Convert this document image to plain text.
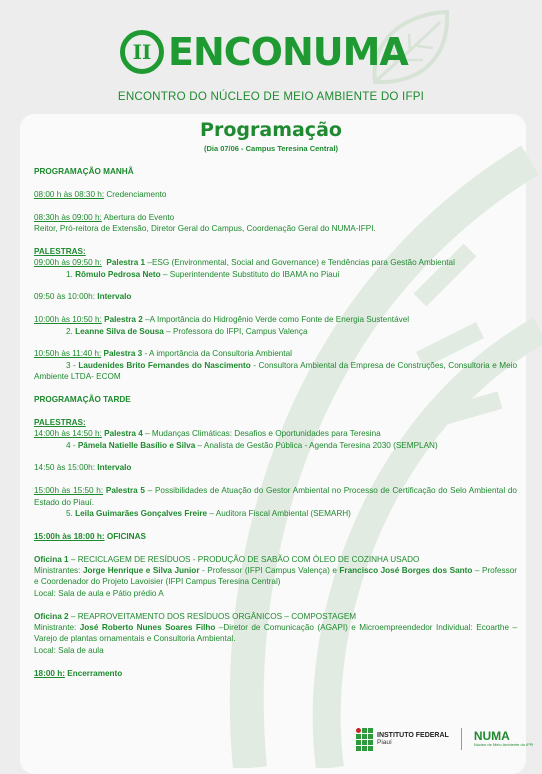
II ENCONUMA
ENCONTRO DO NÚCLEO DE MEIO AMBIENTE DO IFPI
Programação
(Dia 07/06 - Campus Teresina Central)

PROGRAMAÇÃO MANHÃ

08:00 h às 08:30 h: Credenciamento

08:30h às 09:00 h: Abertura do Evento

Reitor, Pró-reitora de Extensão, Diretor Geral do Campus, Coordenação Geral do NUMA-IFPI.

PALESTRAS:

09:00h às 09:50 h: Palestra 1 –ESG (Environmental, Social and Governance) e Tendências para Gestão Ambiental

1. Rômulo Pedrosa Neto – Superintendente Substituto do IBAMA no Piauí

09:50 às 10:00h: Intervalo

10:00h às 10:50 h: Palestra 2 –A Importância do Hidrogênio Verde como Fonte de Energia Sustentável

2. Leanne Silva de Sousa – Professora do IFPI, Campus Valença

10:50h às 11:40 h: Palestra 3 - A importância da Consultoria Ambiental

3 - Laudenides Brito Fernandes do Nascimento - Consultora Ambiental da Empresa de Construções, Consultoria e Meio Ambiente LTDA- ECOM

PROGRAMAÇÃO TARDE

PALESTRAS:

14:00h às 14:50 h: Palestra 4 – Mudanças Climáticas: Desafios e Oportunidades para Teresina

4 - Pâmela Natielle Basílio e Silva – Analista de Gestão Pública - Agenda Teresina 2030 (SEMPLAN)

14:50 às 15:00h: Intervalo

15:00h às 15:50 h: Palestra 5 – Possibilidades de Atuação do Gestor Ambiental no Processo de Certificação do Selo Ambiental do Estado do Piauí.

5. Leila Guimarães Gonçalves Freire – Auditora Fiscal Ambiental (SEMARH)

15:00h às 18:00 h: OFICINAS

Oficina 1 – RECICLAGEM DE RESÍDUOS - PRODUÇÃO DE SABÃO COM ÓLEO DE COZINHA USADO

Ministrantes: Jorge Henrique e Silva Junior - Professor (IFPI Campus Valença) e Francisco José Borges dos Santo – Professor e Coordenador do Projeto Lavoisier (IFPI Campus Teresina Central)

Local: Sala de aula e Pátio prédio A

Oficina 2 – REAPROVEITAMENTO DOS RESÍDUOS ORGÂNICOS – COMPOSTAGEM

Ministrante: José Roberto Nunes Soares Filho –Diretor de Comunicação (AGAPI) e Microempreendedor Individual: Ecoarthe – Varejo de plantas ornamentais e Consultoria Ambiental.

Local: Sala de aula

18:00 h: Encerramento

INSTITUTO FEDERAL
Piauí	NUMA
Núcleo de Meio Ambiente do IFPI
